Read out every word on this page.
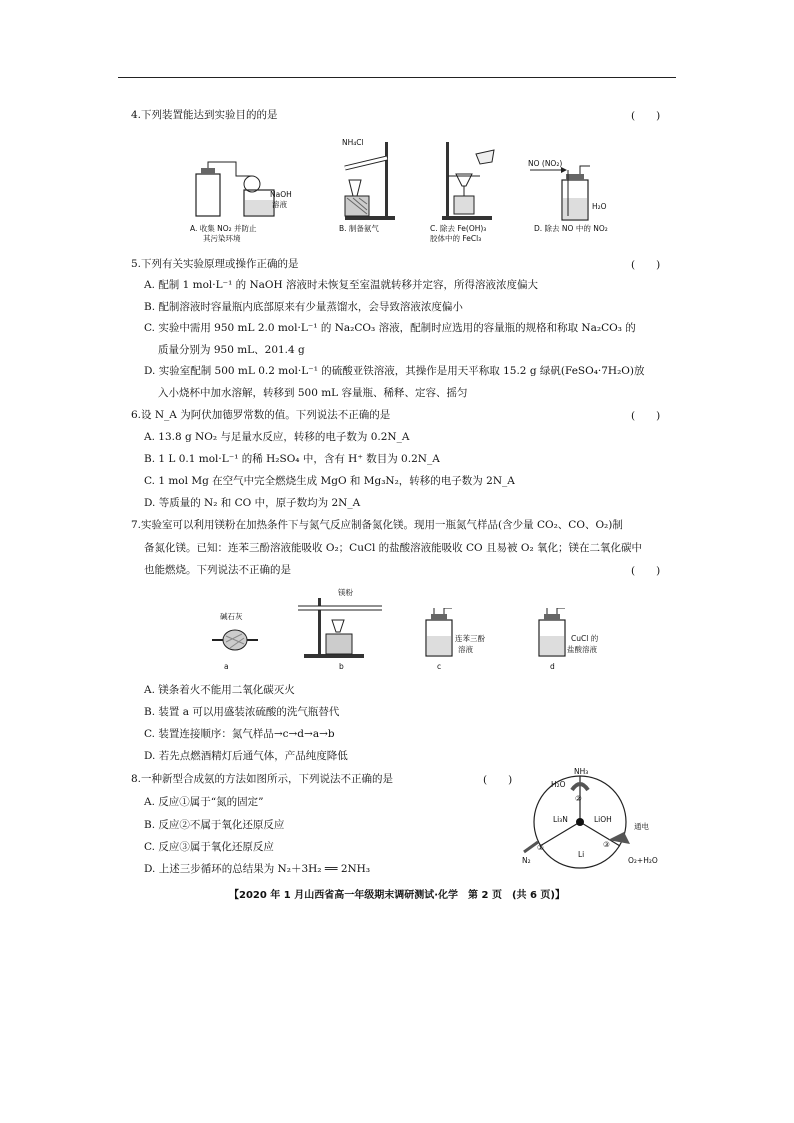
4.下列装置能达到实验目的的是	(　　)
NaOH
溶液
A. 收集 NO₂ 并防止
其污染环境
NH₄Cl
B. 制备氨气	C. 除去 Fe(OH)₃
胶体中的 FeCl₃
NO (NO₂)
H₂O
D. 除去 NO 中的 NO₂
5.下列有关实验原理或操作正确的是	(　　)
A. 配制 1 mol·L⁻¹ 的 NaOH 溶液时未恢复至室温就转移并定容，所得溶液浓度偏大
B. 配制溶液时容量瓶内底部原来有少量蒸馏水，会导致溶液浓度偏小
C. 实验中需用 950 mL 2.0 mol·L⁻¹ 的 Na₂CO₃ 溶液，配制时应选用的容量瓶的规格和称取 Na₂CO₃ 的
质量分别为 950 mL、201.4 g
D. 实验室配制 500 mL 0.2 mol·L⁻¹ 的硫酸亚铁溶液，其操作是用天平称取 15.2 g 绿矾(FeSO₄·7H₂O)放
入小烧杯中加水溶解，转移到 500 mL 容量瓶、稀释、定容、摇匀
6.设 N_A 为阿伏加德罗常数的值。下列说法不正确的是	(　　)
A. 13.8 g NO₂ 与足量水反应，转移的电子数为 0.2N_A
B. 1 L 0.1 mol·L⁻¹ 的稀 H₂SO₄ 中，含有 H⁺ 数目为 0.2N_A
C. 1 mol Mg 在空气中完全燃烧生成 MgO 和 Mg₃N₂，转移的电子数为 2N_A
D. 等质量的 N₂ 和 CO 中，原子数均为 2N_A
7.实验室可以利用镁粉在加热条件下与氮气反应制备氮化镁。现用一瓶氮气样品(含少量 CO₂、CO、O₂)制
备氮化镁。已知：连苯三酚溶液能吸收 O₂；CuCl 的盐酸溶液能吸收 CO 且易被 O₂ 氧化；镁在二氧化碳中
也能燃烧。下列说法不正确的是	(　　)
碱石灰
a
镁粉
b
连苯三酚
溶液
c
CuCl 的
盐酸溶液
d
A. 镁条着火不能用二氧化碳灭火
B. 装置 a 可以用盛装浓硫酸的洗气瓶替代
C. 装置连接顺序：氮气样品→c→d→a→b
D. 若先点燃酒精灯后通气体，产品纯度降低
8.一种新型合成氨的方法如图所示，下列说法不正确的是	(　　)
A. 反应①属于“氮的固定”
B. 反应②不属于氧化还原反应
C. 反应③属于氧化还原反应
D. 上述三步循环的总结果为 N₂＋3H₂ ══ 2NH₃
NH₃
H₂O
②
Li₃N	LiOH
通电
①	③
Li
N₂	O₂+H₂O
【2020 年 1 月山西省高一年级期末调研测试·化学　第 2 页　(共 6 页)】
